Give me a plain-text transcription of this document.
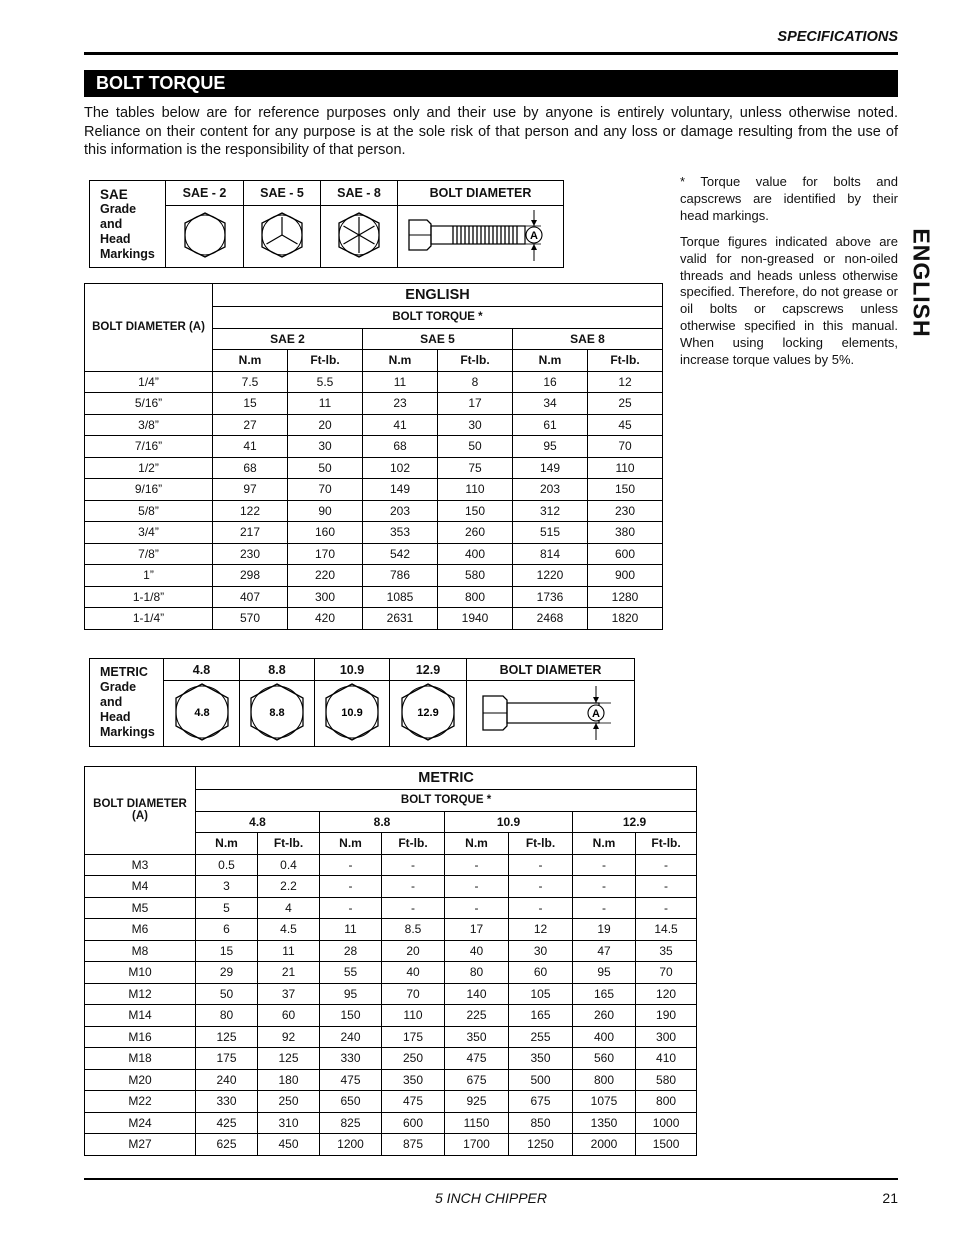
SPECIFICATIONS
BOLT TORQUE
The tables below are for reference purposes only and their use by anyone is entirely voluntary, unless otherwise noted. Reliance on their content for any purpose is at the sole risk of that person and any loss or damage resulting from the use of this information is the responsibility of that person.
* Torque value for bolts and capscrews are identified by their head markings.
Torque figures indicated above are valid for non-greased or non-oiled threads and heads unless otherwise specified. Therefore, do not grease or oil bolts or capscrews unless otherwise specified in this manual. When using locking elements, increase torque values by 5%.
ENGLISH
SAE
Grade
and
Head
Markings	SAE - 2	SAE - 5	SAE - 8	BOLT DIAMETER

A
BOLT DIAMETER (A)	ENGLISH					
	BOLT TORQUE *					
	SAE 2		SAE 5		SAE 8	
	N.m	Ft-lb.	N.m	Ft-lb.	N.m	Ft-lb.
1/4”	7.5	5.5	11	8	16	12
5/16”	15	11	23	17	34	25
3/8”	27	20	41	30	61	45
7/16”	41	30	68	50	95	70
1/2”	68	50	102	75	149	110
9/16”	97	70	149	110	203	150
5/8”	122	90	203	150	312	230
3/4”	217	160	353	260	515	380
7/8”	230	170	542	400	814	600
1”	298	220	786	580	1220	900
1-1/8”	407	300	1085	800	1736	1280
1-1/4”	570	420	2631	1940	2468	1820
METRIC
Grade
and
Head
Markings	4.8	8.8	10.9	12.9	BOLT DIAMETER

4.8	8.8	10.9	12.9	A
BOLT DIAMETER
(A)	METRIC							
	BOLT TORQUE *							
	4.8		8.8		10.9		12.9	
	N.m	Ft-lb.	N.m	Ft-lb.	N.m	Ft-lb.	N.m	Ft-lb.
M3	0.5	0.4	-	-	-	-	-	-
M4	3	2.2	-	-	-	-	-	-
M5	5	4	-	-	-	-	-	-
M6	6	4.5	11	8.5	17	12	19	14.5
M8	15	11	28	20	40	30	47	35
M10	29	21	55	40	80	60	95	70
M12	50	37	95	70	140	105	165	120
M14	80	60	150	110	225	165	260	190
M16	125	92	240	175	350	255	400	300
M18	175	125	330	250	475	350	560	410
M20	240	180	475	350	675	500	800	580
M22	330	250	650	475	925	675	1075	800
M24	425	310	825	600	1150	850	1350	1000
M27	625	450	1200	875	1700	1250	2000	1500
5 INCH CHIPPER	21
